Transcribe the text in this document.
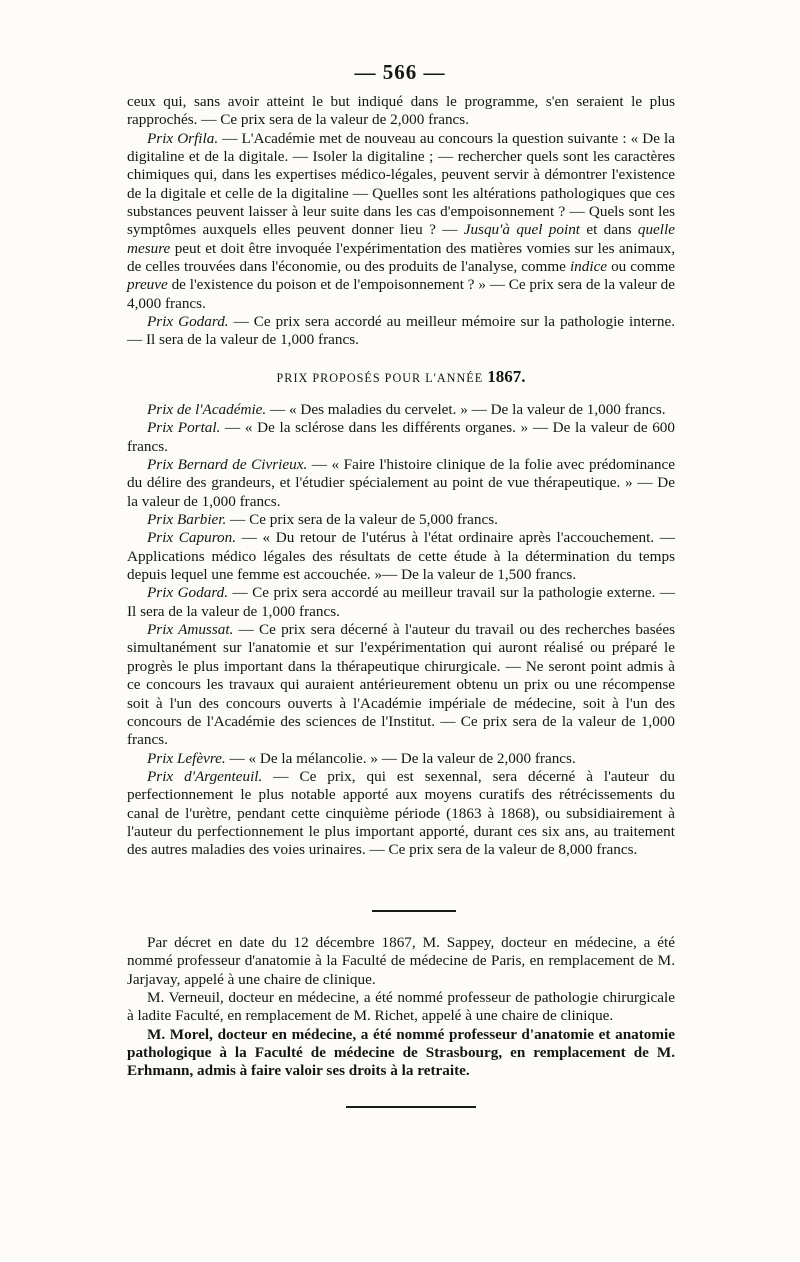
— 566 —

ceux qui, sans avoir atteint le but indiqué dans le programme, s'en seraient le plus rapprochés. — Ce prix sera de la valeur de 2,000 francs.

Prix Orfila. — L'Académie met de nouveau au concours la question suivante : « De la digitaline et de la digitale. — Isoler la digitaline ; — rechercher quels sont les caractères chimiques qui, dans les expertises médico-légales, peuvent servir à démontrer l'existence de la digitale et celle de la digitaline — Quelles sont les altérations pathologiques que ces substances peuvent laisser à leur suite dans les cas d'empoisonnement ? — Quels sont les symptômes auxquels elles peuvent donner lieu ? — Jusqu'à quel point et dans quelle mesure peut et doit être invoquée l'expérimentation des matières vomies sur les animaux, de celles trouvées dans l'économie, ou des produits de l'analyse, comme indice ou comme preuve de l'existence du poison et de l'empoisonnement ? » — Ce prix sera de la valeur de 4,000 francs.

Prix Godard. — Ce prix sera accordé au meilleur mémoire sur la pathologie interne. — Il sera de la valeur de 1,000 francs.

PRIX PROPOSÉS POUR L'ANNÉE 1867.

Prix de l'Académie. — « Des maladies du cervelet. » — De la valeur de 1,000 francs.

Prix Portal. — « De la sclérose dans les différents organes. » — De la valeur de 600 francs.

Prix Bernard de Civrieux. — « Faire l'histoire clinique de la folie avec prédominance du délire des grandeurs, et l'étudier spécialement au point de vue thérapeutique. » — De la valeur de 1,000 francs.

Prix Barbier. — Ce prix sera de la valeur de 5,000 francs.

Prix Capuron. — « Du retour de l'utérus à l'état ordinaire après l'accouchement. —Applications médico légales des résultats de cette étude à la détermination du temps depuis lequel une femme est accouchée. »— De la valeur de 1,500 francs.

Prix Godard. — Ce prix sera accordé au meilleur travail sur la pathologie externe. — Il sera de la valeur de 1,000 francs.

Prix Amussat. — Ce prix sera décerné à l'auteur du travail ou des recherches basées simultanément sur l'anatomie et sur l'expérimentation qui auront réalisé ou préparé le progrès le plus important dans la thérapeutique chirurgicale. — Ne seront point admis à ce concours les travaux qui auraient antérieurement obtenu un prix ou une récompense soit à l'un des concours ouverts à l'Académie impériale de médecine, soit à l'un des concours de l'Académie des sciences de l'Institut. — Ce prix sera de la valeur de 1,000 francs.

Prix Lefèvre. — « De la mélancolie. » — De la valeur de 2,000 francs.

Prix d'Argenteuil. — Ce prix, qui est sexennal, sera décerné à l'auteur du perfectionnement le plus notable apporté aux moyens curatifs des rétrécissements du canal de l'urètre, pendant cette cinquième période (1863 à 1868), ou subsidiairement à l'auteur du perfectionnement le plus important apporté, durant ces six ans, au traitement des autres maladies des voies urinaires. — Ce prix sera de la valeur de 8,000 francs.

Par décret en date du 12 décembre 1867, M. Sappey, docteur en médecine, a été nommé professeur d'anatomie à la Faculté de médecine de Paris, en remplacement de M. Jarjavay, appelé à une chaire de clinique.

M. Verneuil, docteur en médecine, a été nommé professeur de pathologie chirurgicale à ladite Faculté, en remplacement de M. Richet, appelé à une chaire de clinique.

M. Morel, docteur en médecine, a été nommé professeur d'anatomie et anatomie pathologique à la Faculté de médecine de Strasbourg, en remplacement de M. Erhmann, admis à faire valoir ses droits à la retraite.
